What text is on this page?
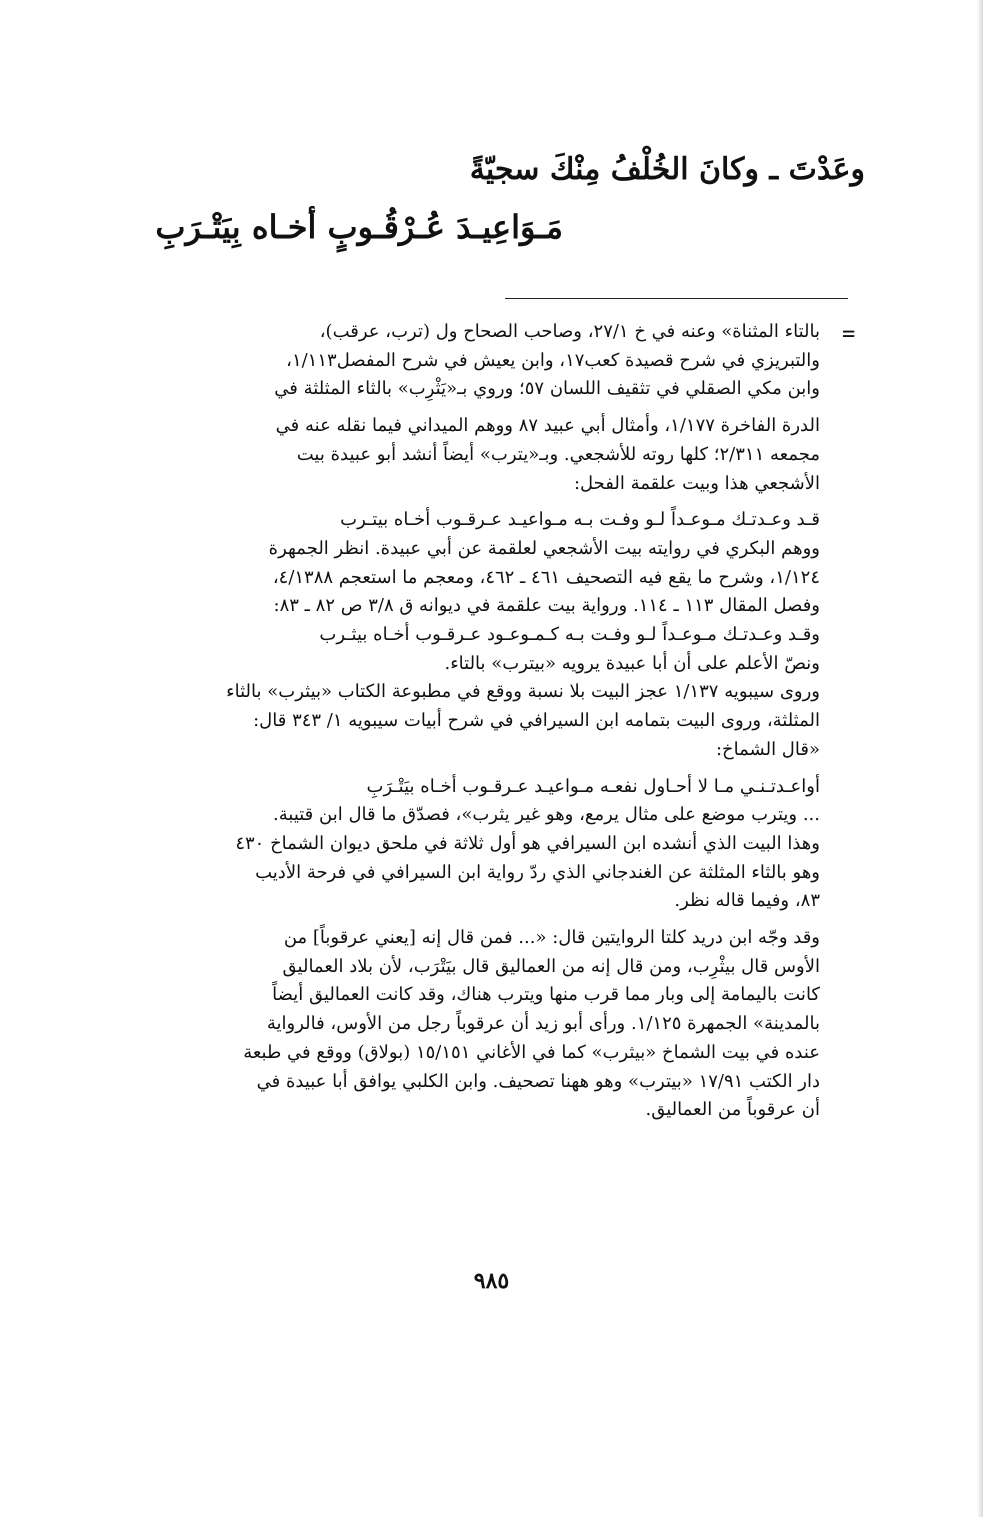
وعَدْتَ ـ وكانَ الخُلْفُ مِنْكَ سجيّةً
مَـوَاعِيـدَ عُـرْقُـوبٍ أخـاه بِيَتْـرَبِ
=
بالتاء المثناة» وعنه في خ ٢٧/١، وصاحب الصحاح ول (ترب، عرقب)،
والتبريزي في شرح قصيدة كعب١٧، وابن يعيش في شرح المفصل١/١١٣،
وابن مكي الصقلي في تثقيف اللسان ٥٧؛ وروي بـ«يَثْرِب» بالثاء المثلثة في
الدرة الفاخرة ١/١٧٧، وأمثال أبي عبيد ٨٧ ووهم الميداني فيما نقله عنه في
مجمعه ٢/٣١١؛ كلها روته للأشجعي. وبـ«يترب» أيضاً أنشد أبو عبيدة بيت
الأشجعي هذا وبيت علقمة الفحل:
قـد وعـدتـك مـوعـداً لـو وفـت بـه مـواعيـد عـرقـوب أخـاه بيتـرب
ووهم البكري في روايته بيت الأشجعي لعلقمة عن أبي عبيدة. انظر الجمهرة
١/١٢٤، وشرح ما يقع فيه التصحيف ٤٦١ ـ ٤٦٢، ومعجم ما استعجم ٤/١٣٨٨،
وفصل المقال ١١٣ ـ ١١٤. ورواية بيت علقمة في ديوانه ق ٣/٨ ص ٨٢ ـ ٨٣:
وقـد وعـدتـك مـوعـداً لـو وفـت بـه كـمـوعـود عـرقـوب أخـاه بيثـرب
ونصّ الأعلم على أن أبا عبيدة يرويه «بيترب» بالتاء.
وروى سيبويه ١/١٣٧ عجز البيت بلا نسبة ووقع في مطبوعة الكتاب «بيثرب» بالثاء
المثلثة، وروى البيت بتمامه ابن السيرافي في شرح أبيات سيبويه ١/ ٣٤٣ قال:
«قال الشماخ:
أواعـدتـنـي مـا لا أحـاول نفعـه مـواعيـد عـرقـوب أخـاه بيَتْـرَبِ
... ويترب موضع على مثال يرمع، وهو غير يثرب»، فصدّق ما قال ابن قتيبة.
وهذا البيت الذي أنشده ابن السيرافي هو أول ثلاثة في ملحق ديوان الشماخ ٤٣٠
وهو بالثاء المثلثة عن الغندجاني الذي ردّ رواية ابن السيرافي في فرحة الأديب
٨٣، وفيما قاله نظر.
وقد وجّه ابن دريد كلتا الروايتين قال: «... فمن قال إنه [يعني عرقوباً] من
الأوس قال بيثْرِب، ومن قال إنه من العماليق قال بيَتْرَب، لأن بلاد العماليق
كانت باليمامة إلى وبار مما قرب منها ويترب هناك، وقد كانت العماليق أيضاً
بالمدينة» الجمهرة ١/١٢٥. ورأى أبو زيد أن عرقوباً رجل من الأوس، فالرواية
عنده في بيت الشماخ «بيثرب» كما في الأغاني ١٥/١٥١ (بولاق) ووقع في طبعة
دار الكتب ١٧/٩١ «بيترب» وهو ههنا تصحيف. وابن الكلبي يوافق أبا عبيدة في
أن عرقوباً من العماليق.
٩٨٥
